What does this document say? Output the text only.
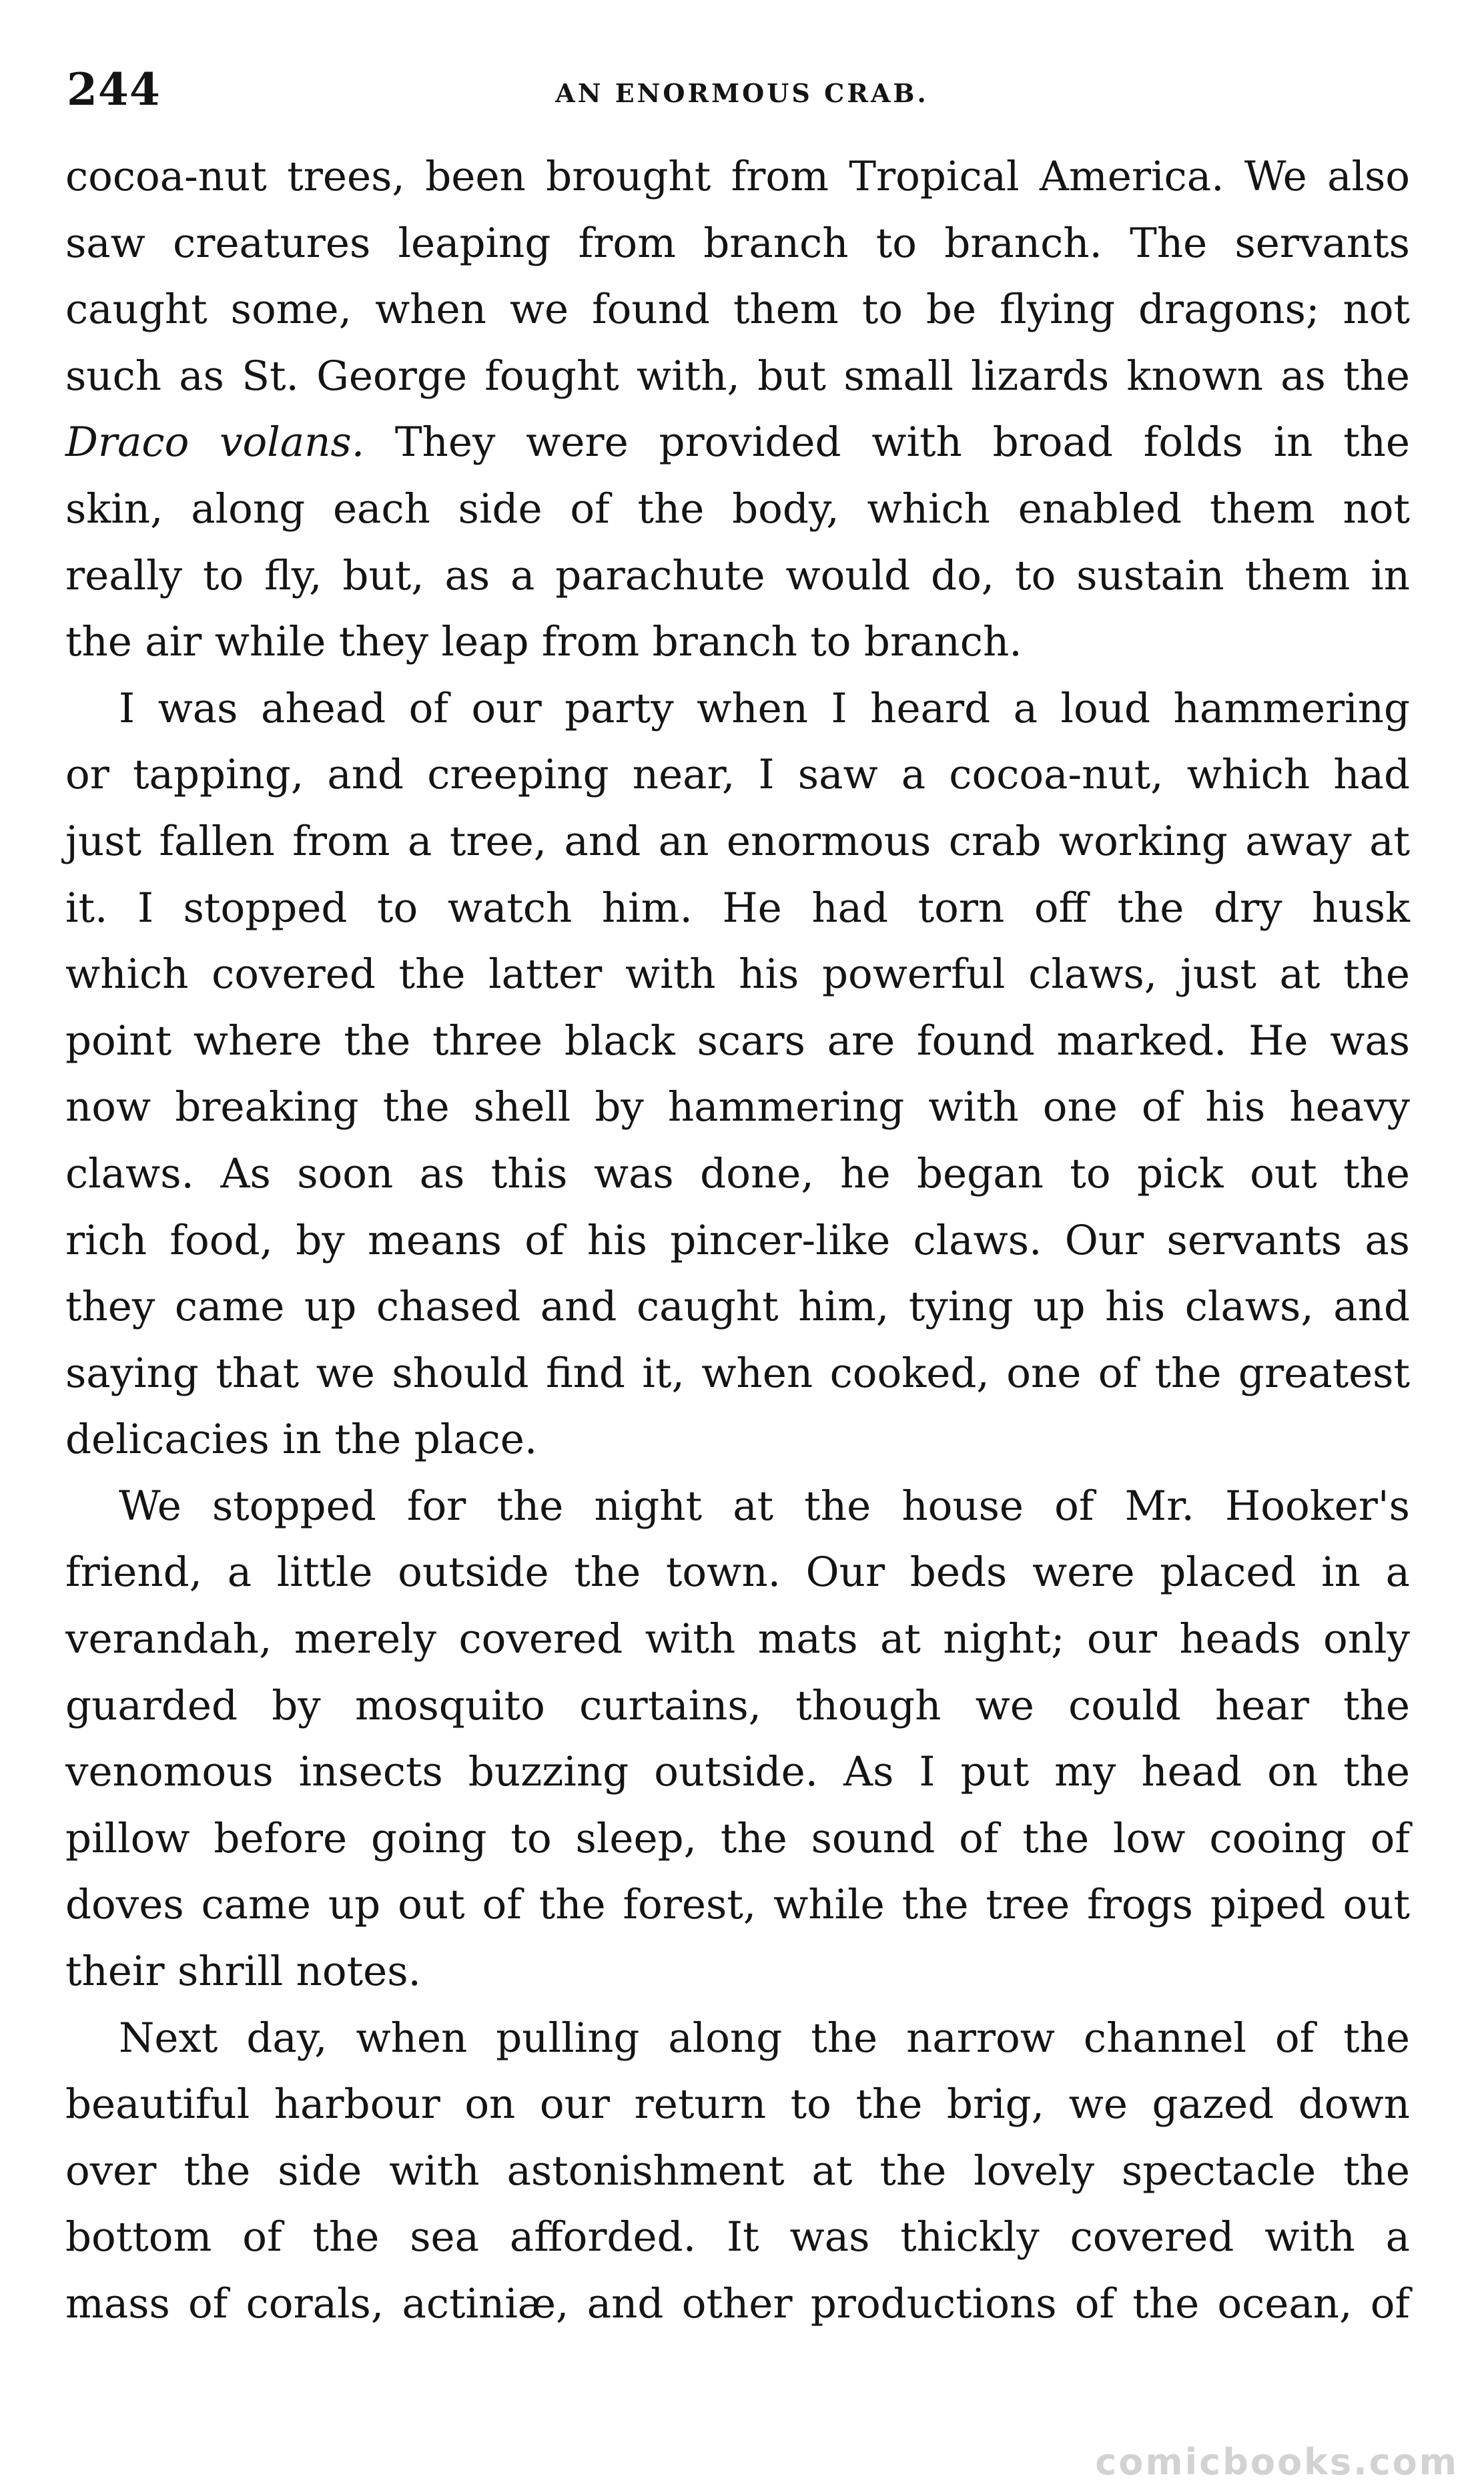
244	AN ENORMOUS CRAB.
cocoa-nut trees, been brought from Tropical America. We also
saw creatures leaping from branch to branch. The servants
caught some, when we found them to be flying dragons; not
such as St. George fought with, but small lizards known as the
Draco volans. They were provided with broad folds in the
skin, along each side of the body, which enabled them not
really to fly, but, as a parachute would do, to sustain them in
the air while they leap from branch to branch.
I was ahead of our party when I heard a loud hammering
or tapping, and creeping near, I saw a cocoa-nut, which had
just fallen from a tree, and an enormous crab working away at
it. I stopped to watch him. He had torn off the dry husk
which covered the latter with his powerful claws, just at the
point where the three black scars are found marked. He was
now breaking the shell by hammering with one of his heavy
claws. As soon as this was done, he began to pick out the
rich food, by means of his pincer-like claws. Our servants as
they came up chased and caught him, tying up his claws, and
saying that we should find it, when cooked, one of the greatest
delicacies in the place.
We stopped for the night at the house of Mr. Hooker's
friend, a little outside the town. Our beds were placed in a
verandah, merely covered with mats at night; our heads only
guarded by mosquito curtains, though we could hear the
venomous insects buzzing outside. As I put my head on the
pillow before going to sleep, the sound of the low cooing of
doves came up out of the forest, while the tree frogs piped out
their shrill notes.
Next day, when pulling along the narrow channel of the
beautiful harbour on our return to the brig, we gazed down
over the side with astonishment at the lovely spectacle the
bottom of the sea afforded. It was thickly covered with a
mass of corals, actiniæ, and other productions of the ocean, of
comicbooks.com
